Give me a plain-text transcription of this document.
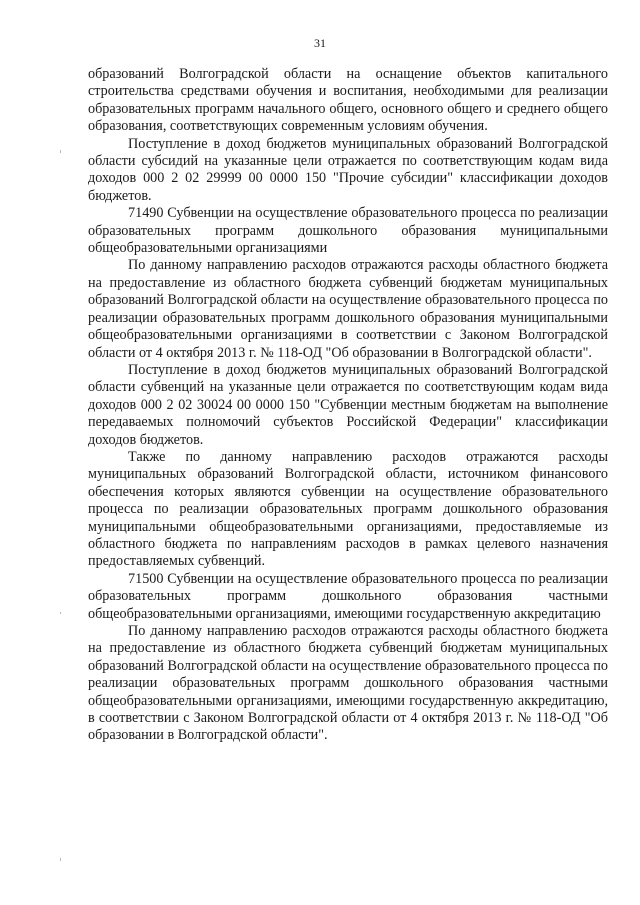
31

образований Волгоградской области на оснащение объектов капитального строительства средствами обучения и воспитания, необходимыми для реализации образовательных программ начального общего, основного общего и среднего общего образования, соответствующих современным условиям обучения.

Поступление в доход бюджетов муниципальных образований Волгоградской области субсидий на указанные цели отражается по соответствующим кодам вида доходов 000 2 02 29999 00 0000 150 "Прочие субсидии" классификации доходов бюджетов.

71490 Субвенции на осуществление образовательного процесса по реализации образовательных программ дошкольного образования муниципальными общеобразовательными организациями

По данному направлению расходов отражаются расходы областного бюджета на предоставление из областного бюджета субвенций бюджетам муниципальных образований Волгоградской области на осуществление образовательного процесса по реализации образовательных программ дошкольного образования муниципальными общеобразовательными организациями в соответствии с Законом Волгоградской области от 4 октября 2013 г. № 118-ОД "Об образовании в Волгоградской области".

Поступление в доход бюджетов муниципальных образований Волгоградской области субвенций на указанные цели отражается по соответствующим кодам вида доходов 000 2 02 30024 00 0000 150 "Субвенции местным бюджетам на выполнение передаваемых полномочий субъектов Российской Федерации" классификации доходов бюджетов.

Также по данному направлению расходов отражаются расходы муниципальных образований Волгоградской области, источником финансового обеспечения которых являются субвенции на осуществление образовательного процесса по реализации образовательных программ дошкольного образования муниципальными общеобразовательными организациями, предоставляемые из областного бюджета по направлениям расходов в рамках целевого назначения предоставляемых субвенций.

71500 Субвенции на осуществление образовательного процесса по реализации образовательных программ дошкольного образования частными общеобразовательными организациями, имеющими государственную аккредитацию

По данному направлению расходов отражаются расходы областного бюджета на предоставление из областного бюджета субвенций бюджетам муниципальных образований Волгоградской области на осуществление образовательного процесса по реализации образовательных программ дошкольного образования частными общеобразовательными организациями, имеющими государственную аккредитацию, в соответствии с Законом Волгоградской области от 4 октября 2013 г. № 118-ОД "Об образовании в Волгоградской области".
